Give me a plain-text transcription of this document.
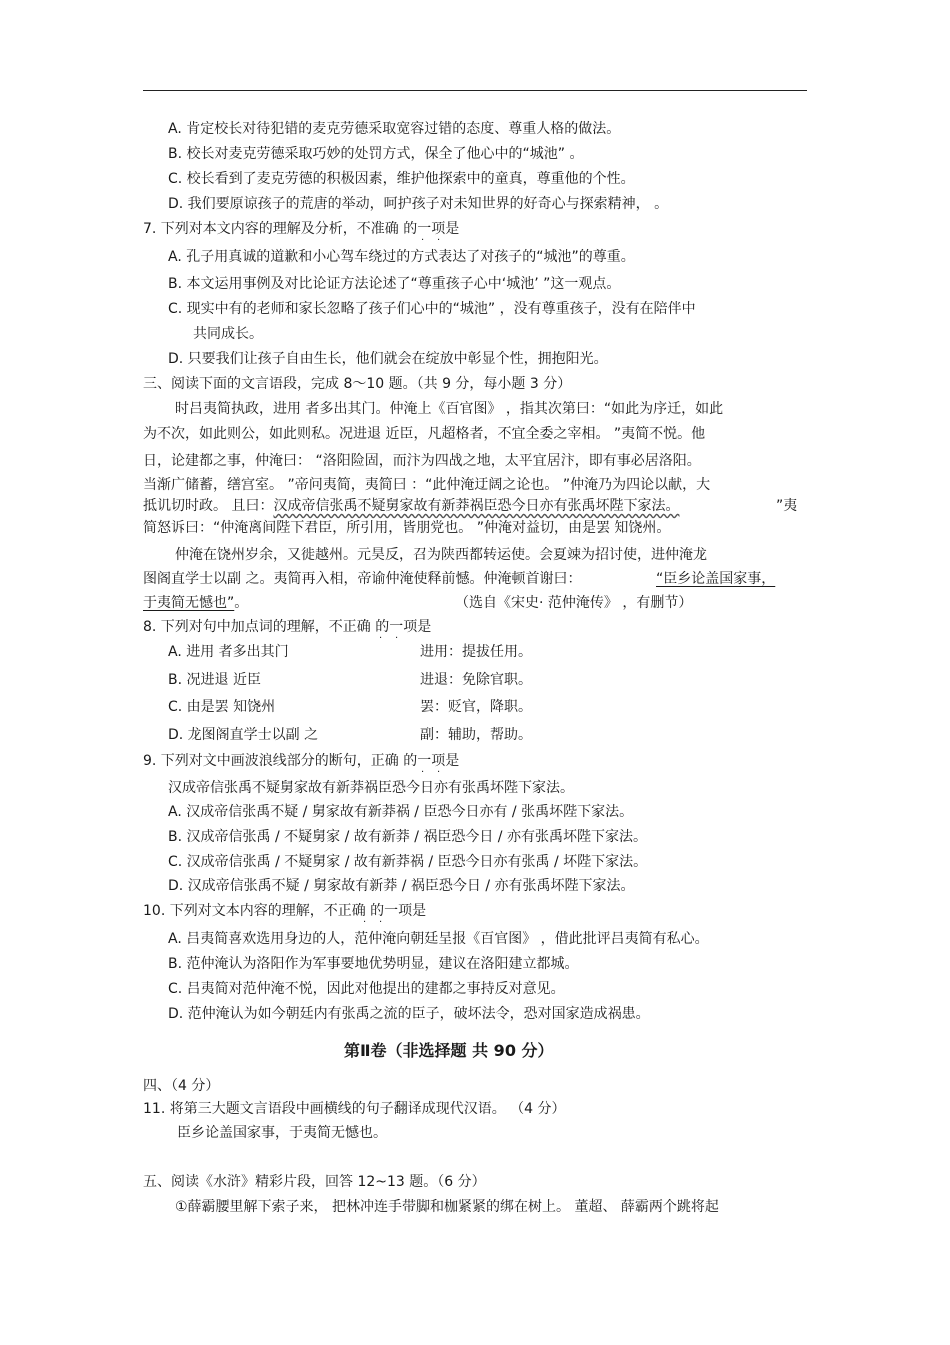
A. 肯定校长对待犯错的麦克劳德采取宽容过错的态度、尊重人格的做法。
B. 校长对麦克劳德采取巧妙的处罚方式，保全了他心中的“城池” 。
C. 校长看到了麦克劳德的积极因素，维护他探索中的童真，尊重他的个性。
D. 我们要原谅孩子的荒唐的举动，呵护孩子对未知世界的好奇心与探索精神， 。
7. 下列对本文内容的理解及分析，不准确 的一项是
· ·
A. 孔子用真诚的道歉和小心驾车绕过的方式表达了对孩子的“城池”的尊重。
B. 本文运用事例及对比论证方法论述了“尊重孩子心中‘城池’ ”这一观点。
C. 现实中有的老师和家长忽略了孩子们心中的“城池” ，没有尊重孩子，没有在陪伴中
共同成长。
D. 只要我们让孩子自由生长，他们就会在绽放中彰显个性，拥抱阳光。
三、阅读下面的文言语段，完成 8～10 题。（共 9 分，每小题 3 分）
时吕夷简执政，进用 者多出其门。仲淹上《百官图》 ，指其次第曰：“如此为序迁，如此
为不次，如此则公，如此则私。况进退 近臣，凡超格者，不宜全委之宰相。 ”夷简不悦。他
日，论建都之事，仲淹曰： “洛阳险固，而汴为四战之地，太平宜居汴，即有事必居洛阳。
当渐广储蓄，缮宫室。 ”帝问夷简，夷简曰 ：“此仲淹迂阔之论也。 ”仲淹乃为四论以献，大
抵讥切时政。 且曰：汉成帝信张禹不疑舅家故有新莽祸臣恐今日亦有张禹坏陛下家法。	”夷
简怒诉曰：“仲淹离间陛下君臣，所引用，皆朋党也。 ”仲淹对益切，由是罢 知饶州。
仲淹在饶州岁余，又徙越州。元昊反，召为陕西都转运使。会夏竦为招讨使，进仲淹龙
图阁直学士以副 之。夷简再入相，帝谕仲淹使释前憾。仲淹顿首谢曰：	“臣乡论盖国家事，
于夷简无憾也”。	（选自《宋史· 范仲淹传》 ，有删节）
8. 下列对句中加点词的理解，不正确 的一项是
· ·
A. 进用 者多出其门	进用：提拔任用。
B. 况进退 近臣	进退：免除官职。
C. 由是罢 知饶州	罢：贬官，降职。
D. 龙图阁直学士以副 之	副：辅助，帮助。
9. 下列对文中画波浪线部分的断句，正确 的一项是
· ·
汉成帝信张禹不疑舅家故有新莽祸臣恐今日亦有张禹坏陛下家法。
A. 汉成帝信张禹不疑 / 舅家故有新莽祸 / 臣恐今日亦有 / 张禹坏陛下家法。
B. 汉成帝信张禹 / 不疑舅家 / 故有新莽 / 祸臣恐今日 / 亦有张禹坏陛下家法。
C. 汉成帝信张禹 / 不疑舅家 / 故有新莽祸 / 臣恐今日亦有张禹 / 坏陛下家法。
D. 汉成帝信张禹不疑 / 舅家故有新莽 / 祸臣恐今日 / 亦有张禹坏陛下家法。
10. 下列对文本内容的理解，不正确 的一项是
· ·
A. 吕夷简喜欢选用身边的人，范仲淹向朝廷呈报《百官图》 ，借此批评吕夷简有私心。
B. 范仲淹认为洛阳作为军事要地优势明显，建议在洛阳建立都城。
C. 吕夷简对范仲淹不悦，因此对他提出的建都之事持反对意见。
D. 范仲淹认为如今朝廷内有张禹之流的臣子，破坏法令，恐对国家造成祸患。
第Ⅱ卷（非选择题 共 90 分）
四、（4 分）
11. 将第三大题文言语段中画横线的句子翻译成现代汉语。 （4 分）
臣乡论盖国家事，于夷简无憾也。
五、阅读《水浒》精彩片段，回答 12~13 题。（6 分）
①薛霸腰里解下索子来， 把林冲连手带脚和枷紧紧的绑在树上。 董超、 薛霸两个跳将起
